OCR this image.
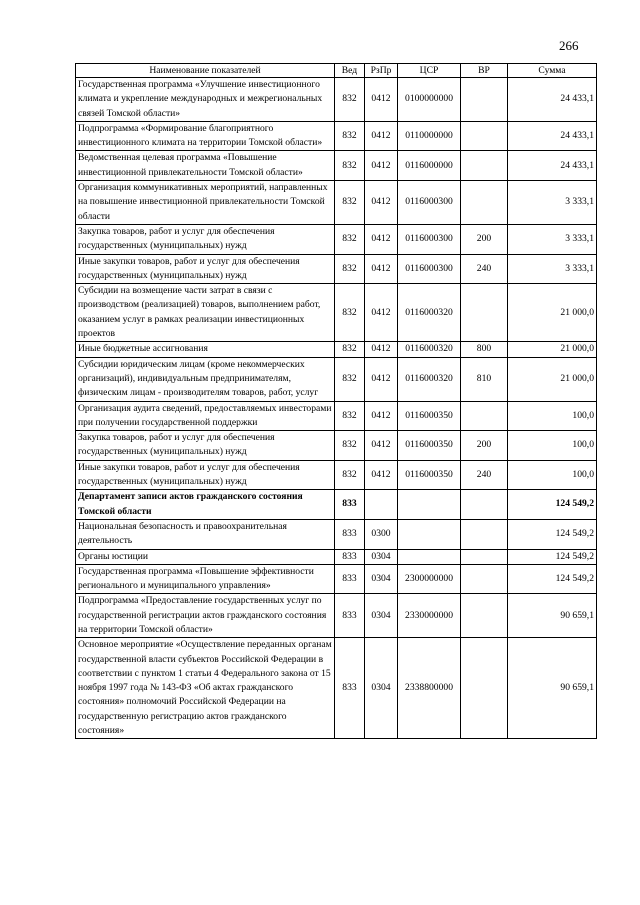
266
Наименование показателей	Вед	РзПр	ЦСР	ВР	Сумма
Государственная программа «Улучшение инвестиционного климата и укрепление международных и межрегиональных связей Томской области»	832	0412	0100000000		24 433,1
Подпрограмма «Формирование благоприятного инвестиционного климата на территории Томской области»	832	0412	0110000000		24 433,1
Ведомственная целевая программа «Повышение инвестиционной привлекательности Томской области»	832	0412	0116000000		24 433,1
Организация коммуникативных мероприятий, направленных на повышение инвестиционной привлекательности Томской области	832	0412	0116000300		3 333,1
Закупка товаров, работ и услуг для обеспечения государственных (муниципальных) нужд	832	0412	0116000300	200	3 333,1
Иные закупки товаров, работ и услуг для обеспечения государственных (муниципальных) нужд	832	0412	0116000300	240	3 333,1
Субсидии на возмещение части затрат в связи с производством (реализацией) товаров, выполнением работ, оказанием услуг в рамках реализации инвестиционных проектов	832	0412	0116000320		21 000,0
Иные бюджетные ассигнования	832	0412	0116000320	800	21 000,0
Субсидии юридическим лицам (кроме некоммерческих организаций), индивидуальным предпринимателям, физическим лицам - производителям товаров, работ, услуг	832	0412	0116000320	810	21 000,0
Организация аудита сведений, предоставляемых инвесторами при получении государственной поддержки	832	0412	0116000350		100,0
Закупка товаров, работ и услуг для обеспечения государственных (муниципальных) нужд	832	0412	0116000350	200	100,0
Иные закупки товаров, работ и услуг для обеспечения государственных (муниципальных) нужд	832	0412	0116000350	240	100,0
Департамент записи актов гражданского состояния Томской области	833				124 549,2
Национальная безопасность и правоохранительная деятельность	833	0300			124 549,2
Органы юстиции	833	0304			124 549,2
Государственная программа «Повышение эффективности регионального и муниципального управления»	833	0304	2300000000		124 549,2
Подпрограмма «Предоставление государственных услуг по государственной регистрации актов гражданского состояния на территории Томской области»	833	0304	2330000000		90 659,1
Основное мероприятие «Осуществление переданных органам государственной власти субъектов Российской Федерации в соответствии с пунктом 1 статьи 4 Федерального закона от 15 ноября 1997 года № 143-ФЗ «Об актах гражданского состояния» полномочий Российской Федерации на государственную регистрацию актов гражданского состояния»	833	0304	2338800000		90 659,1
